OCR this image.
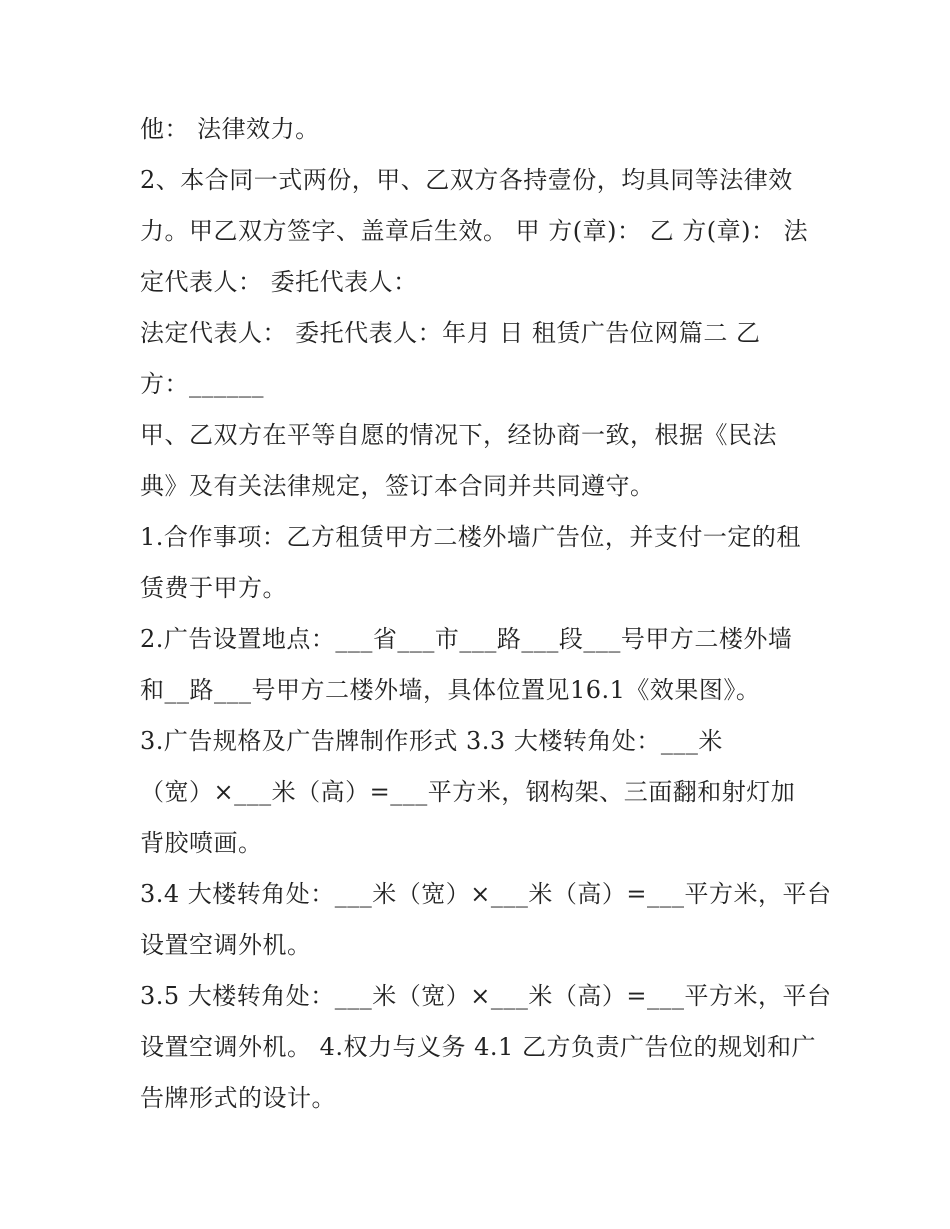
他： 法律效力。
2、本合同一式两份，甲、乙双方各持壹份，均具同等法律效
力。甲乙双方签字、盖章后生效。 甲 方(章)： 乙 方(章)： 法
定代表人： 委托代表人：
法定代表人： 委托代表人：年月 日 租赁广告位网篇二 乙
方：______
甲、乙双方在平等自愿的情况下，经协商一致，根据《民法
典》及有关法律规定，签订本合同并共同遵守。
1.合作事项：乙方租赁甲方二楼外墙广告位，并支付一定的租
赁费于甲方。
2.广告设置地点：___省___市___路___段___号甲方二楼外墙
和__路___号甲方二楼外墙，具体位置见16.1《效果图》。
3.广告规格及广告牌制作形式 3.3 大楼转角处：___米
（宽）×___米（高）=___平方米，钢构架、三面翻和射灯加
背胶喷画。
3.4 大楼转角处：___米（宽）×___米（高）=___平方米，平台
设置空调外机。
3.5 大楼转角处：___米（宽）×___米（高）=___平方米，平台
设置空调外机。 4.权力与义务 4.1 乙方负责广告位的规划和广
告牌形式的设计。
